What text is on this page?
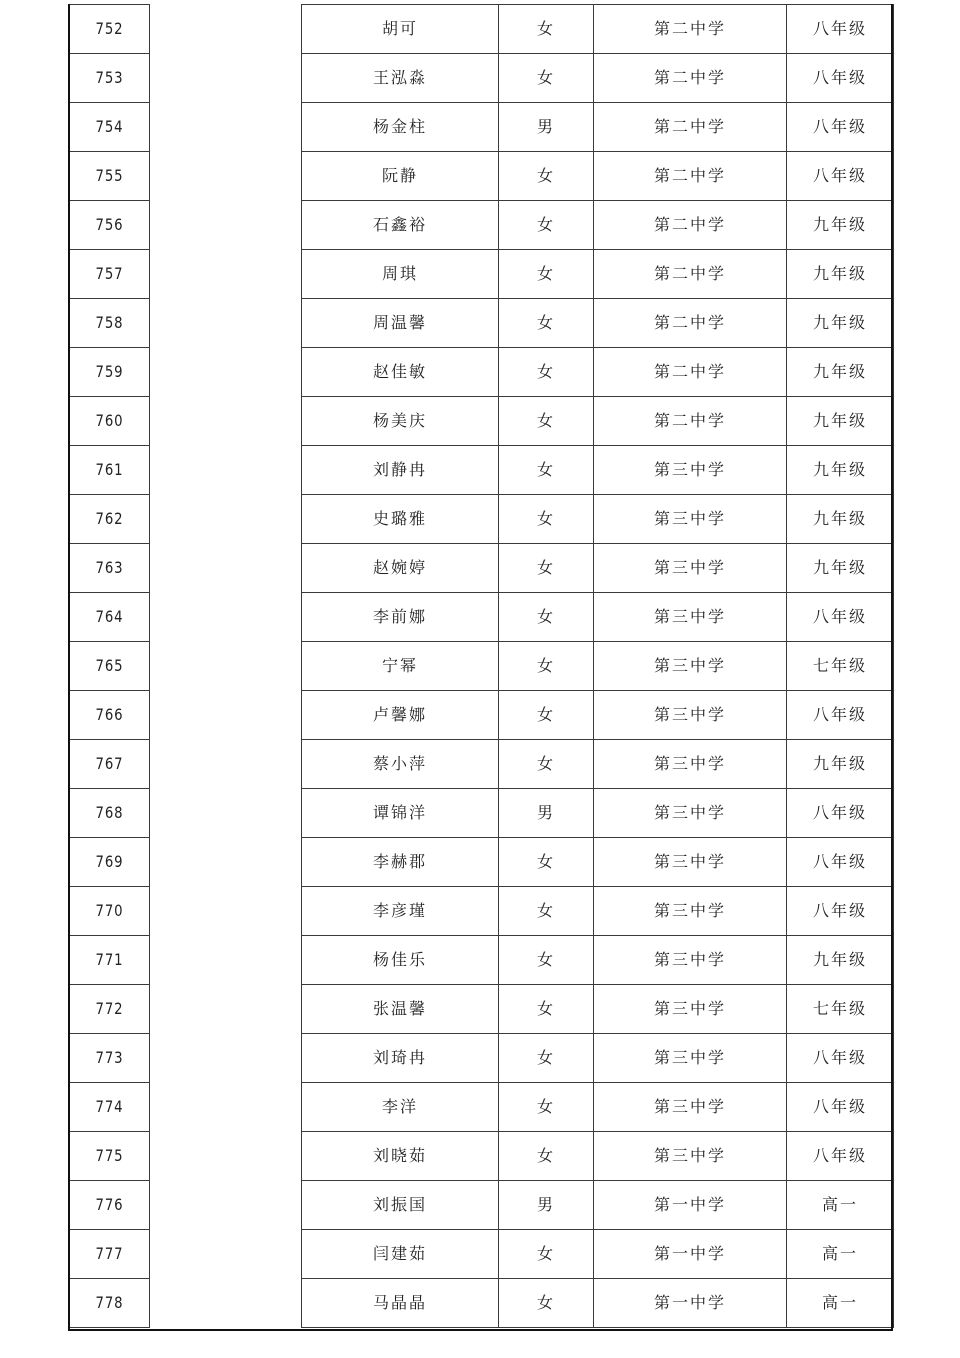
752		胡可	女	第二中学	八年级
753		王泓淼	女	第二中学	八年级
754		杨金柱	男	第二中学	八年级
755		阮静	女	第二中学	八年级
756		石鑫裕	女	第二中学	九年级
757		周琪	女	第二中学	九年级
758		周温馨	女	第二中学	九年级
759		赵佳敏	女	第二中学	九年级
760		杨美庆	女	第二中学	九年级
761		刘静冉	女	第三中学	九年级
762		史璐雅	女	第三中学	九年级
763		赵婉婷	女	第三中学	九年级
764		李前娜	女	第三中学	八年级
765		宁幂	女	第三中学	七年级
766		卢馨娜	女	第三中学	八年级
767		蔡小萍	女	第三中学	九年级
768		谭锦洋	男	第三中学	八年级
769		李赫郡	女	第三中学	八年级
770		李彦瑾	女	第三中学	八年级
771		杨佳乐	女	第三中学	九年级
772		张温馨	女	第三中学	七年级
773		刘琦冉	女	第三中学	八年级
774		李洋	女	第三中学	八年级
775		刘晓茹	女	第三中学	八年级
776		刘振国	男	第一中学	高一
777		闫建茹	女	第一中学	高一
778		马晶晶	女	第一中学	高一
